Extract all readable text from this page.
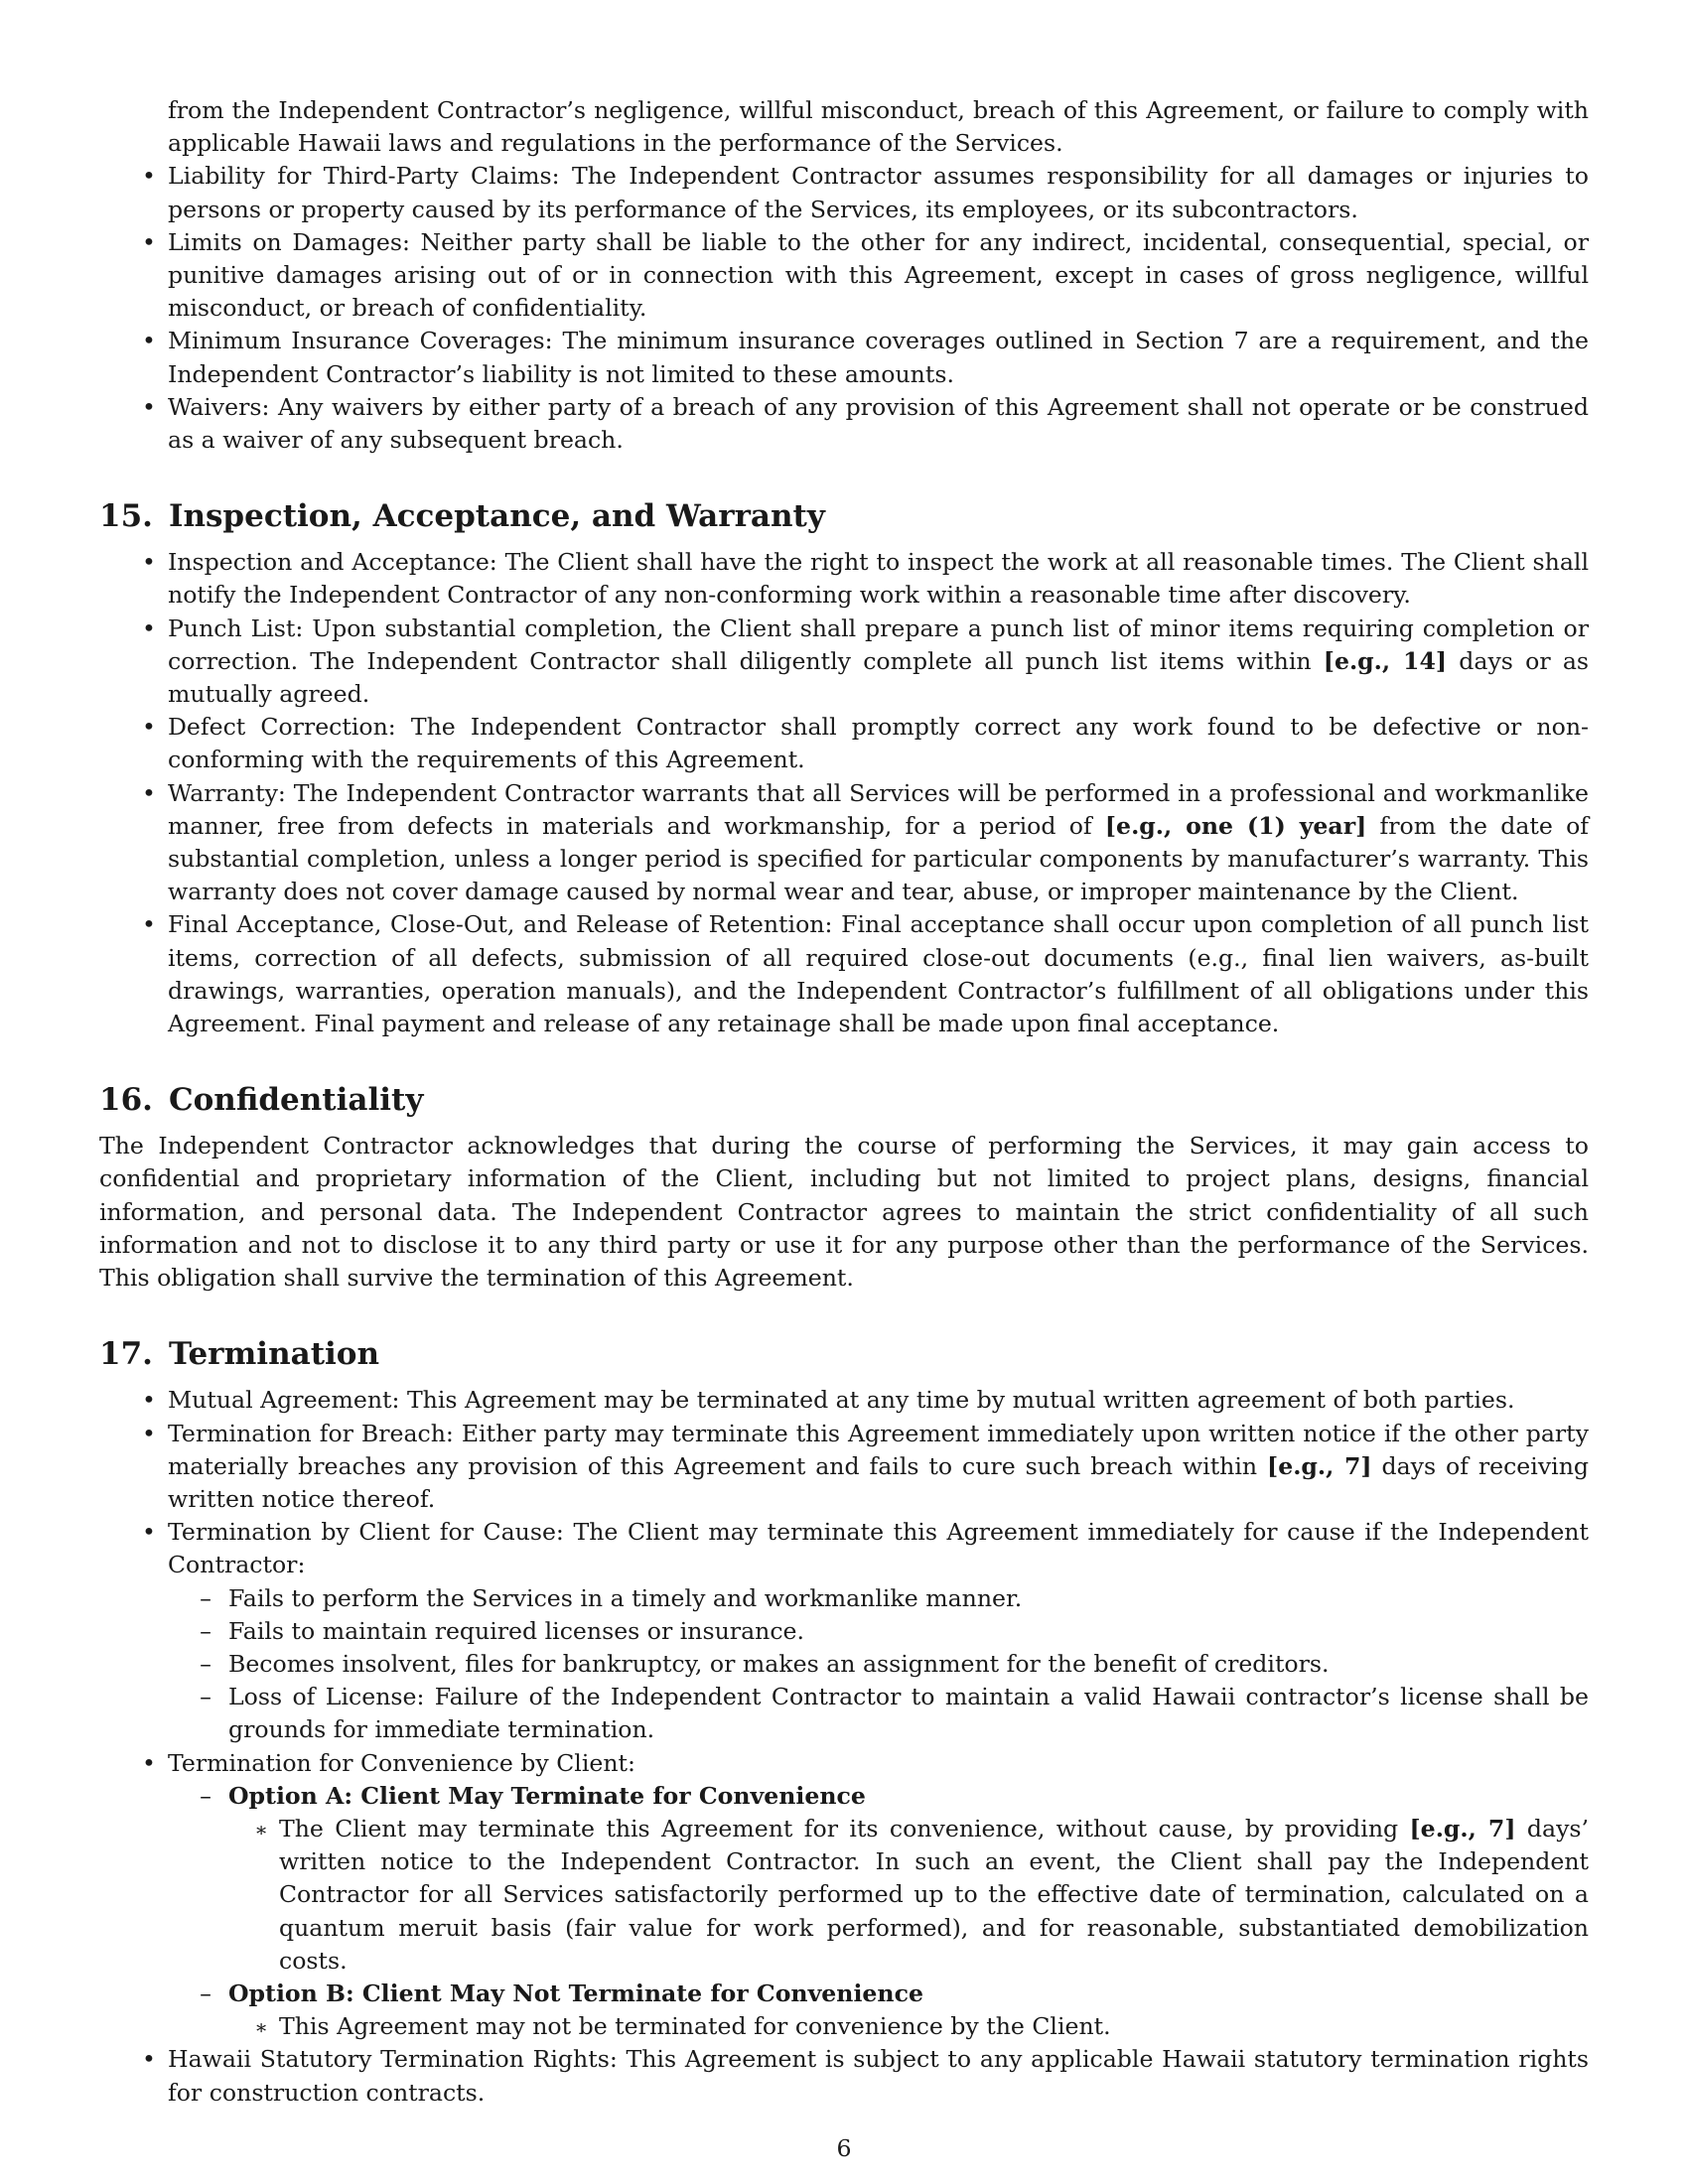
from the Independent Contractor’s negligence, willful misconduct, breach of this Agreement, or failure to comply with applicable Hawaii laws and regulations in the performance of the Services.
• Liability for Third-Party Claims: The Independent Contractor assumes responsibility for all damages or injuries to persons or property caused by its performance of the Services, its employees, or its subcontractors.
• Limits on Damages: Neither party shall be liable to the other for any indirect, incidental, consequential, special, or punitive damages arising out of or in connection with this Agreement, except in cases of gross negligence, willful misconduct, or breach of confidentiality.
• Minimum Insurance Coverages: The minimum insurance coverages outlined in Section 7 are a requirement, and the Independent Contractor’s liability is not limited to these amounts.
• Waivers: Any waivers by either party of a breach of any provision of this Agreement shall not operate or be construed as a waiver of any subsequent breach.
15. Inspection, Acceptance, and Warranty
• Inspection and Acceptance: The Client shall have the right to inspect the work at all reasonable times. The Client shall notify the Independent Contractor of any non-conforming work within a reasonable time after discovery.
• Punch List: Upon substantial completion, the Client shall prepare a punch list of minor items requiring completion or correction. The Independent Contractor shall diligently complete all punch list items within [e.g., 14] days or as mutually agreed.
• Defect Correction: The Independent Contractor shall promptly correct any work found to be defective or non-conforming with the requirements of this Agreement.
• Warranty: The Independent Contractor warrants that all Services will be performed in a professional and workmanlike manner, free from defects in materials and workmanship, for a period of [e.g., one (1) year] from the date of substantial completion, unless a longer period is specified for particular components by manufacturer’s warranty. This warranty does not cover damage caused by normal wear and tear, abuse, or improper maintenance by the Client.
• Final Acceptance, Close-Out, and Release of Retention: Final acceptance shall occur upon completion of all punch list items, correction of all defects, submission of all required close-out documents (e.g., final lien waivers, as-built drawings, warranties, operation manuals), and the Independent Contractor’s fulfillment of all obligations under this Agreement. Final payment and release of any retainage shall be made upon final acceptance.
16. Confidentiality

The Independent Contractor acknowledges that during the course of performing the Services, it may gain access to confidential and proprietary information of the Client, including but not limited to project plans, designs, financial information, and personal data. The Independent Contractor agrees to maintain the strict confidentiality of all such information and not to disclose it to any third party or use it for any purpose other than the performance of the Services. This obligation shall survive the termination of this Agreement.

17. Termination
• Mutual Agreement: This Agreement may be terminated at any time by mutual written agreement of both parties.
• Termination for Breach: Either party may terminate this Agreement immediately upon written notice if the other party materially breaches any provision of this Agreement and fails to cure such breach within [e.g., 7] days of receiving written notice thereof.
• Termination by Client for Cause: The Client may terminate this Agreement immediately for cause if the Independent Contractor:
– Fails to perform the Services in a timely and workmanlike manner.
– Fails to maintain required licenses or insurance.
– Becomes insolvent, files for bankruptcy, or makes an assignment for the benefit of creditors.
– Loss of License: Failure of the Independent Contractor to maintain a valid Hawaii contractor’s license shall be grounds for immediate termination.
• Termination for Convenience by Client:
– Option A: Client May Terminate for Convenience
∗ The Client may terminate this Agreement for its convenience, without cause, by providing [e.g., 7] days’ written notice to the Independent Contractor. In such an event, the Client shall pay the Independent Contractor for all Services satisfactorily performed up to the effective date of termination, calculated on a quantum meruit basis (fair value for work performed), and for reasonable, substantiated demobilization costs.
– Option B: Client May Not Terminate for Convenience
∗ This Agreement may not be terminated for convenience by the Client.
• Hawaii Statutory Termination Rights: This Agreement is subject to any applicable Hawaii statutory termination rights for construction contracts.
6
